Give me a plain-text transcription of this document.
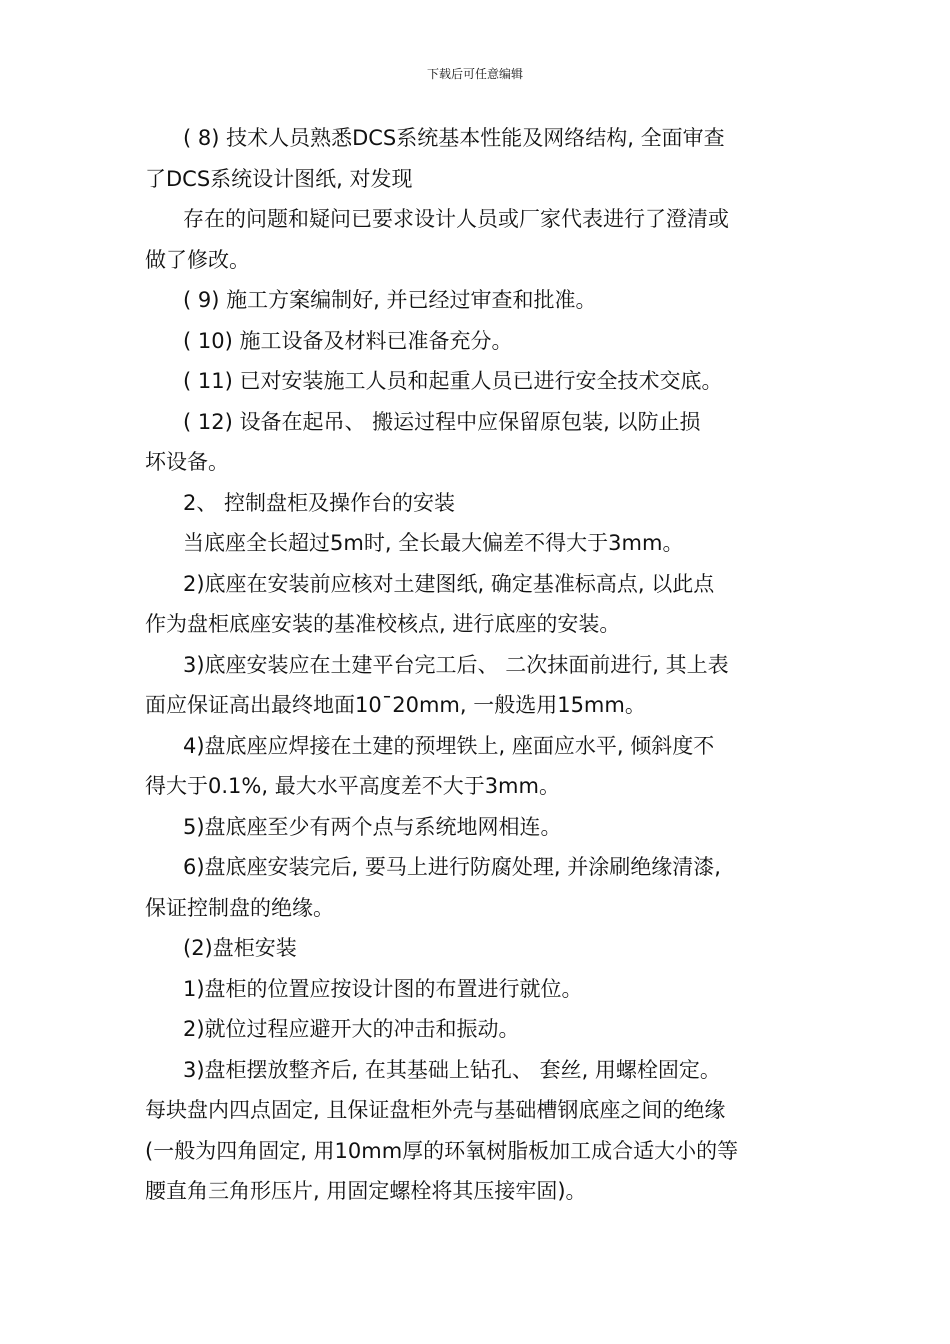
下载后可任意编辑
( 8) 技术人员熟悉DCS系统基本性能及网络结构, 全面审查
了DCS系统设计图纸, 对发现
存在的问题和疑问已要求设计人员或厂家代表进行了澄清或
做了修改。
( 9) 施工方案编制好, 并已经过审查和批准。
( 10) 施工设备及材料已准备充分。
( 11) 已对安装施工人员和起重人员已进行安全技术交底。
( 12) 设备在起吊、 搬运过程中应保留原包装, 以防止损
坏设备。
2、 控制盘柜及操作台的安装
当底座全长超过5m时, 全长最大偏差不得大于3mm。
2)底座在安装前应核对土建图纸, 确定基准标高点, 以此点
作为盘柜底座安装的基准校核点, 进行底座的安装。
3)底座安装应在土建平台完工后、 二次抹面前进行, 其上表
面应保证高出最终地面10¯20mm, 一般选用15mm。
4)盘底座应焊接在土建的预埋铁上, 座面应水平, 倾斜度不
得大于0.1%, 最大水平高度差不大于3mm。
5)盘底座至少有两个点与系统地网相连。
6)盘底座安装完后, 要马上进行防腐处理, 并涂刷绝缘清漆,
保证控制盘的绝缘。
(2)盘柜安装
1)盘柜的位置应按设计图的布置进行就位。
2)就位过程应避开大的冲击和振动。
3)盘柜摆放整齐后, 在其基础上钻孔、 套丝, 用螺栓固定。
每块盘内四点固定, 且保证盘柜外壳与基础槽钢底座之间的绝缘
(一般为四角固定, 用10mm厚的环氧树脂板加工成合适大小的等
腰直角三角形压片, 用固定螺栓将其压接牢固)。
